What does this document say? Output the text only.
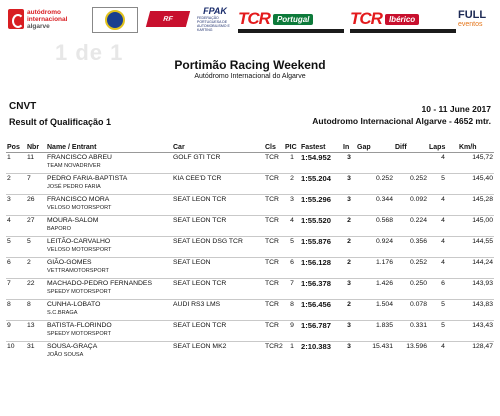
autódromo
internacional
algarve
RF
FPAK
FEDERAÇÃO PORTUGUESA DE AUTOMOBILISMO E KARTING
TCR Portugal TCR Ibérico	FULL
eventos
1 de 1	Portimão Racing Weekend
Autódromo Internacional do Algarve
CNVT
Result of Qualificação 1
10 - 11 June 2017
Autodromo Internacional Algarve - 4652 mtr.
Pos	Nbr	Name / Entrant	Car	Cls	PIC	Fastest	In	Gap	Diff	Laps	Km/h
1	11	FRANCISCO ABREU
TEAM NOVADRIVER	GOLF GTI TCR	TCR	1	1:54.952	3			4	145,72
2	7	PEDRO FARIA-BAPTISTA
JOSÉ PEDRO FARIA	KIA CEE'D TCR	TCR	2	1:55.204	3	0.252	0.252	5	145,40
3	26	FRANCISCO MORA
VELOSO MOTORSPORT	SEAT LEON TCR	TCR	3	1:55.296	3	0.344	0.092	4	145,28
4	27	MOURA-SALOM
BAPORO	SEAT LEON TCR	TCR	4	1:55.520	2	0.568	0.224	4	145,00
5	5	LEITÃO-CARVALHO
VELOSO MOTORSPORT	SEAT LEON DSG TCR	TCR	5	1:55.876	2	0.924	0.356	4	144,55
6	2	GIÃO-GOMES
VETTRAMOTORSPORT	SEAT LEON	TCR	6	1:56.128	2	1.176	0.252	4	144,24
7	22	MACHADO-PEDRO FERNANDES
SPEEDY MOTORSPORT	SEAT LEON TCR	TCR	7	1:56.378	3	1.426	0.250	6	143,93
8	8	CUNHA-LOBATO
S.C.BRAGA	AUDI RS3 LMS	TCR	8	1:56.456	2	1.504	0.078	5	143,83
9	13	BATISTA-FLORINDO
SPEEDY MOTORSPORT	SEAT LEON TCR	TCR	9	1:56.787	3	1.835	0.331	5	143,43
10	31	SOUSA-GRAÇA
JOÃO SOUSA	SEAT LEON MK2	TCR2	1	2:10.383	3	15.431	13.596	4	128,47
